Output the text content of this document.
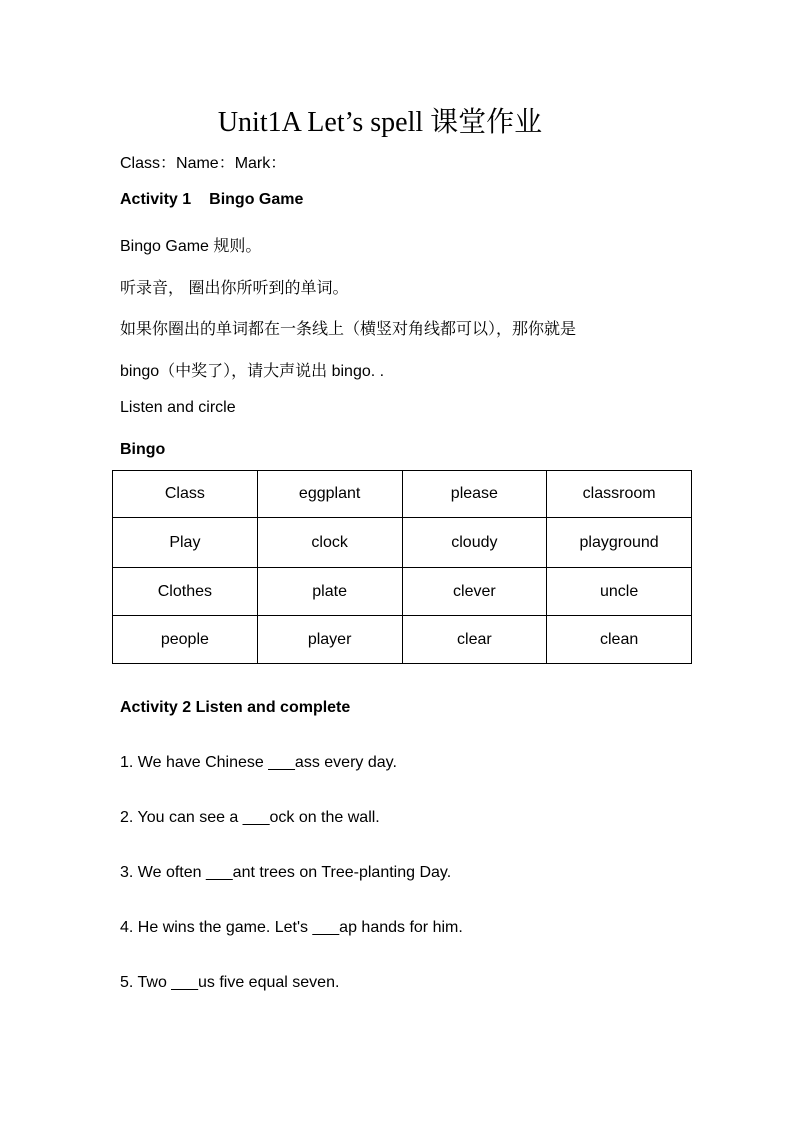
Unit1A Let’s spell 课堂作业
Class：Name：Mark：
Activity 1 Bingo Game
Bingo Game 规则。
听录音， 圈出你所听到的单词。
如果你圈出的单词都在一条线上（横竖对角线都可以），那你就是
bingo（中奖了），请大声说出 bingo. .
Listen and circle
Bingo
Class	eggplant	please	classroom
Play	clock	cloudy	playground
Clothes	plate	clever	uncle
people	player	clear	clean
Activity 2 Listen and complete
1. We have Chinese ___ass every day.
2. You can see a ___ock on the wall.
3. We often ___ant trees on Tree-planting Day.
4. He wins the game. Let's ___ap hands for him.
5. Two ___us five equal seven.
